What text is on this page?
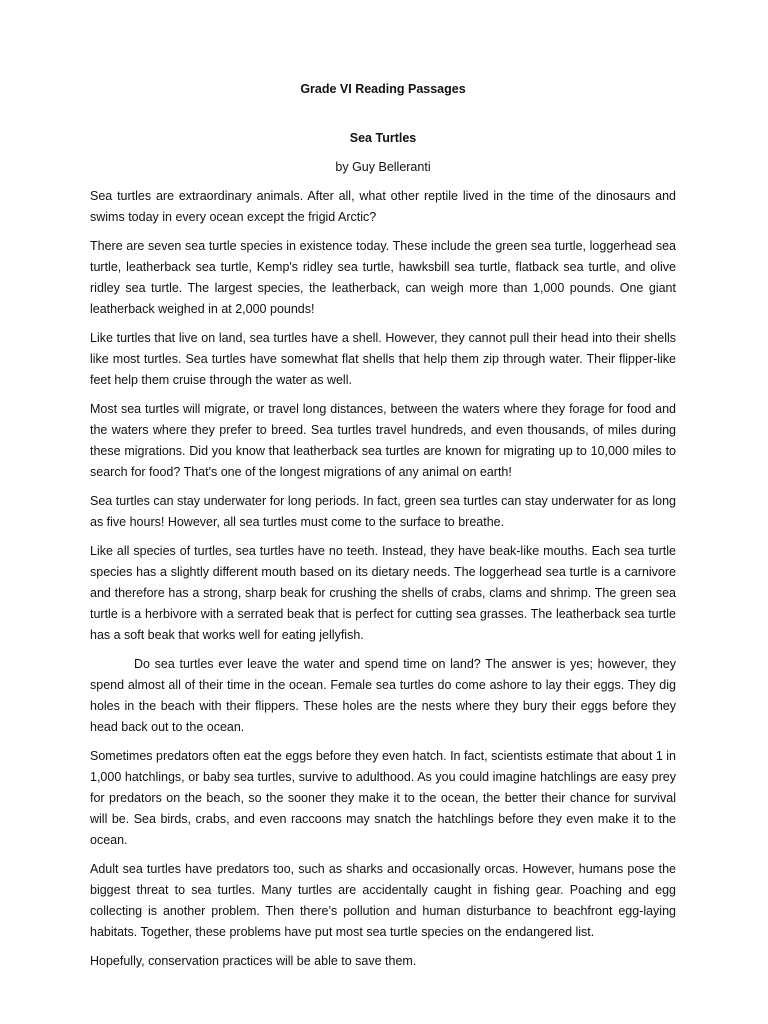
Grade VI Reading Passages
Sea Turtles
by Guy Belleranti

Sea turtles are extraordinary animals. After all, what other reptile lived in the time of the dinosaurs and swims today in every ocean except the frigid Arctic?

There are seven sea turtle species in existence today. These include the green sea turtle, loggerhead sea turtle, leatherback sea turtle, Kemp's ridley sea turtle, hawksbill sea turtle, flatback sea turtle, and olive ridley sea turtle. The largest species, the leatherback, can weigh more than 1,000 pounds. One giant leatherback weighed in at 2,000 pounds!

Like turtles that live on land, sea turtles have a shell. However, they cannot pull their head into their shells like most turtles. Sea turtles have somewhat flat shells that help them zip through water. Their flipper-like feet help them cruise through the water as well.

Most sea turtles will migrate, or travel long distances, between the waters where they forage for food and the waters where they prefer to breed. Sea turtles travel hundreds, and even thousands, of miles during these migrations. Did you know that leatherback sea turtles are known for migrating up to 10,000 miles to search for food? That's one of the longest migrations of any animal on earth!

Sea turtles can stay underwater for long periods. In fact, green sea turtles can stay underwater for as long as five hours! However, all sea turtles must come to the surface to breathe.

Like all species of turtles, sea turtles have no teeth. Instead, they have beak-like mouths. Each sea turtle species has a slightly different mouth based on its dietary needs. The loggerhead sea turtle is a carnivore and therefore has a strong, sharp beak for crushing the shells of crabs, clams and shrimp. The green sea turtle is a herbivore with a serrated beak that is perfect for cutting sea grasses. The leatherback sea turtle has a soft beak that works well for eating jellyfish.

Do sea turtles ever leave the water and spend time on land? The answer is yes; however, they spend almost all of their time in the ocean. Female sea turtles do come ashore to lay their eggs. They dig holes in the beach with their flippers. These holes are the nests where they bury their eggs before they head back out to the ocean.

Sometimes predators often eat the eggs before they even hatch. In fact, scientists estimate that about 1 in 1,000 hatchlings, or baby sea turtles, survive to adulthood. As you could imagine hatchlings are easy prey for predators on the beach, so the sooner they make it to the ocean, the better their chance for survival will be. Sea birds, crabs, and even raccoons may snatch the hatchlings before they even make it to the ocean.

Adult sea turtles have predators too, such as sharks and occasionally orcas. However, humans pose the biggest threat to sea turtles. Many turtles are accidentally caught in fishing gear. Poaching and egg collecting is another problem. Then there’s pollution and human disturbance to beachfront egg-laying habitats. Together, these problems have put most sea turtle species on the endangered list.

Hopefully, conservation practices will be able to save them.
